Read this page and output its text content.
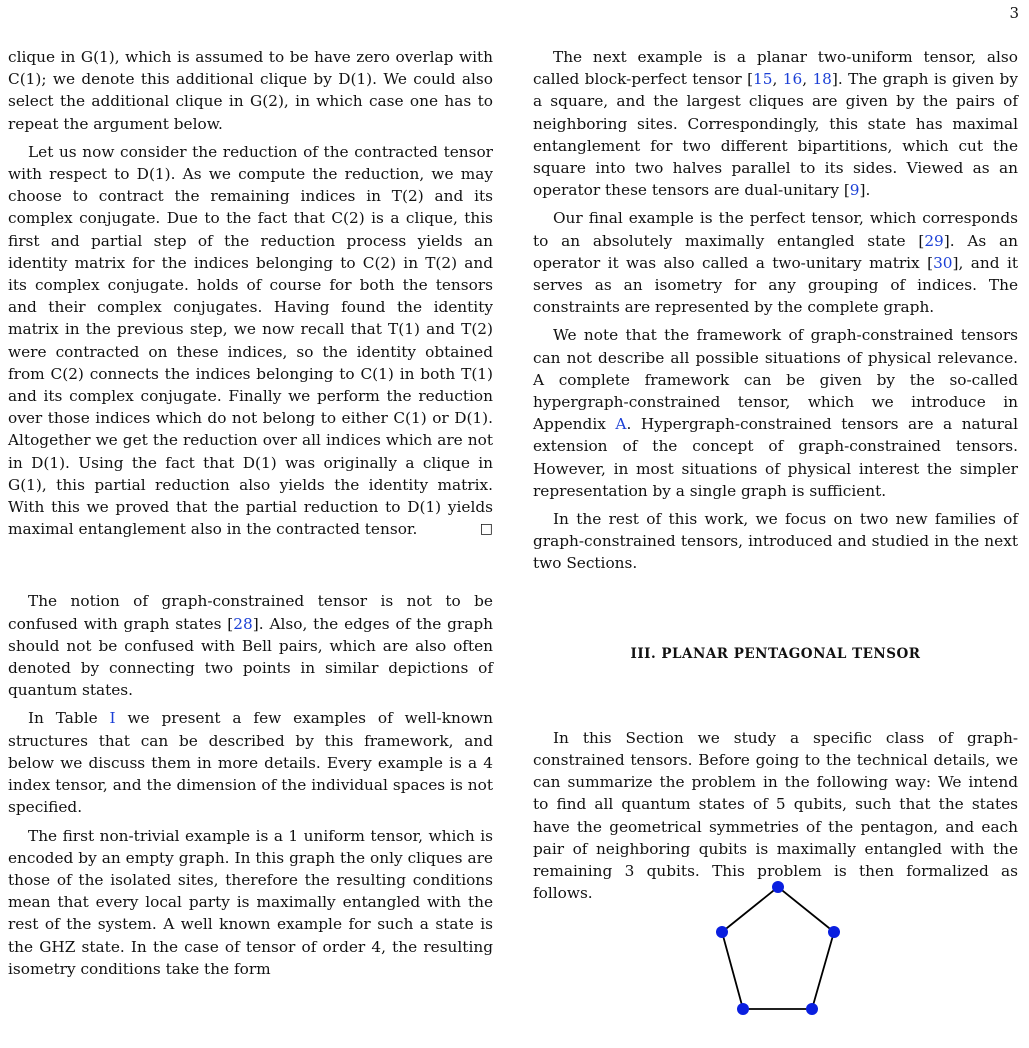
3

clique in G(1), which is assumed to be have zero overlap with C(1); we denote this additional clique by D(1). We could also select the additional clique in G(2), in which case one has to repeat the argument below.

Let us now consider the reduction of the contracted tensor with respect to D(1). As we compute the reduction, we may choose to contract the remaining indices in T(2) and its complex conjugate. Due to the fact that C(2) is a clique, this first and partial step of the reduction process yields an identity matrix for the indices belonging to C(2) in T(2) and its complex conjugate. holds of course for both the tensors and their complex conjugates. Having found the identity matrix in the previous step, we now recall that T(1) and T(2) were contracted on these indices, so the identity obtained from C(2) connects the indices belonging to C(1) in both T(1) and its complex conjugate. Finally we perform the reduction over those indices which do not belong to either C(1) or D(1). Altogether we get the reduction over all indices which are not in D(1). Using the fact that D(1) was originally a clique in G(1), this partial reduction also yields the identity matrix. With this we proved that the partial reduction to D(1) yields maximal entanglement also in the contracted tensor.	□

The notion of graph-constrained tensor is not to be confused with graph states [28]. Also, the edges of the graph should not be confused with Bell pairs, which are also often denoted by connecting two points in similar depictions of quantum states.

In Table I we present a few examples of well-known structures that can be described by this framework, and below we discuss them in more details. Every example is a 4 index tensor, and the dimension of the individual spaces is not specified.

The first non-trivial example is a 1 uniform tensor, which is encoded by an empty graph. In this graph the only cliques are those of the isolated sites, therefore the resulting conditions mean that every local party is maximally entangled with the rest of the system. A well known example for such a state is the GHZ state. In the case of tensor of order 4, the resulting isometry conditions take the form

The next example is a planar two-uniform tensor, also called block-perfect tensor [15, 16, 18]. The graph is given by a square, and the largest cliques are given by the pairs of neighboring sites. Correspondingly, this state has maximal entanglement for two different bipartitions, which cut the square into two halves parallel to its sides. Viewed as an operator these tensors are dual-unitary [9].

Our final example is the perfect tensor, which corresponds to an absolutely maximally entangled state [29]. As an operator it was also called a two-unitary matrix [30], and it serves as an isometry for any grouping of indices. The constraints are represented by the complete graph.

We note that the framework of graph-constrained tensors can not describe all possible situations of physical relevance. A complete framework can be given by the so-called hypergraph-constrained tensor, which we introduce in Appendix A. Hypergraph-constrained tensors are a natural extension of the concept of graph-constrained tensors. However, in most situations of physical interest the simpler representation by a single graph is sufficient.

In the rest of this work, we focus on two new families of graph-constrained tensors, introduced and studied in the next two Sections.

III. PLANAR PENTAGONAL TENSOR

In this Section we study a specific class of graph-constrained tensors. Before going to the technical details, we can summarize the problem in the following way: We intend to find all quantum states of 5 qubits, such that the states have the geometrical symmetries of the pentagon, and each pair of neighboring qubits is maximally entangled with the remaining 3 qubits. This problem is then formalized as follows.
